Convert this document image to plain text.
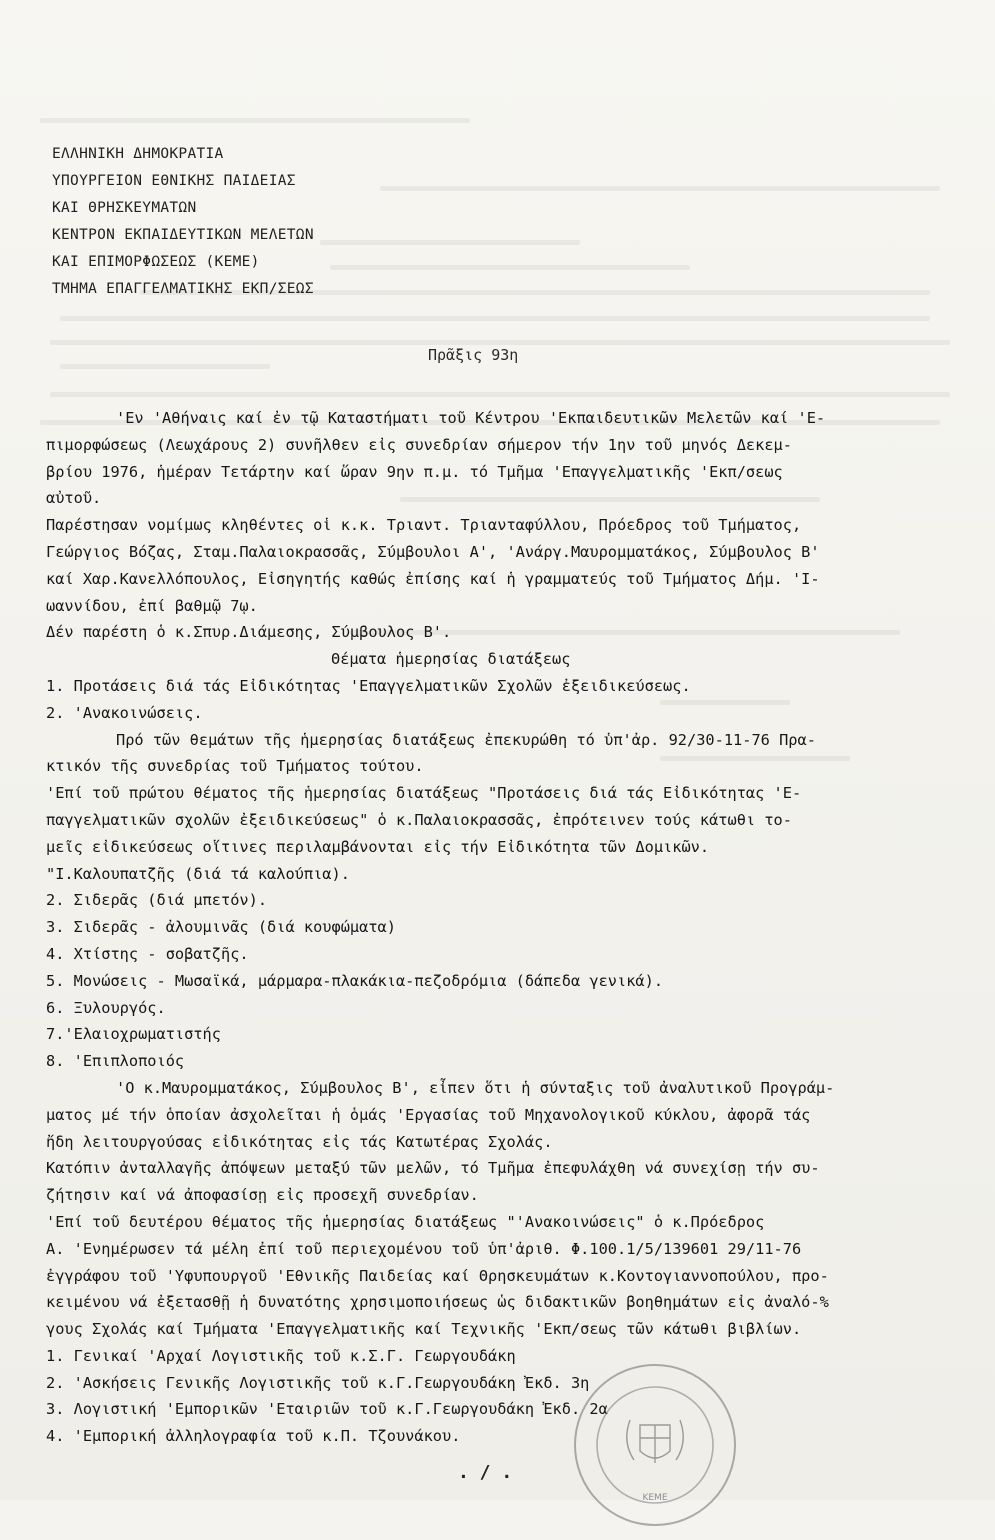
ΕΛΛΗΝΙΚΗ ΔΗΜΟΚΡΑΤΙΑ
ΥΠΟΥΡΓΕΙΟΝ ΕΘΝΙΚΗΣ ΠΑΙΔΕΙΑΣ
ΚΑΙ ΘΡΗΣΚΕΥΜΑΤΩΝ
ΚΕΝΤΡΟΝ ΕΚΠΑΙΔΕΥΤΙΚΩΝ ΜΕΛΕΤΩΝ
ΚΑΙ ΕΠΙΜΟΡΦΩΣΕΩΣ (ΚΕΜΕ)
ΤΜΗΜΑ ΕΠΑΓΓΕΛΜΑΤΙΚΗΣ ΕΚΠ/ΣΕΩΣ
Πρᾶξις 93η
'Εν 'Αθήναις καί ἐν τῷ Καταστήματι τοῦ Κέντρου 'Εκπαιδευτικῶν Μελετῶν καί 'Ε-
πιμορφώσεως (Λεωχάρους 2) συνῆλθεν εἰς συνεδρίαν σήμερον τήν 1ην τοῦ μηνός Δεκεμ-
βρίου 1976, ἡμέραν Τετάρτην καί ὥραν 9ην π.μ. τό Τμῆμα 'Επαγγελματικῆς 'Εκπ/σεως
αὐτοῦ.
Παρέστησαν νομίμως κληθέντες οἱ κ.κ. Τριαντ. Τριανταφύλλου, Πρόεδρος τοῦ Τμήματος,
Γεώργιος Βόζας, Σταμ.Παλαιοκρασσᾶς, Σύμβουλοι Α', 'Ανάργ.Μαυρομματάκος, Σύμβουλος Β'
καί Χαρ.Κανελλόπουλος, Εἰσηγητής καθώς ἐπίσης καί ἡ γραμματεύς τοῦ Τμήματος Δήμ. 'Ι-
ωαννίδου, ἐπί βαθμῷ 7ῳ.
Δέν παρέστη ὁ κ.Σπυρ.Διάμεσης, Σύμβουλος Β'.
Θέματα ἡμερησίας διατάξεως
1. Προτάσεις διά τάς Εἰδικότητας 'Επαγγελματικῶν Σχολῶν ἐξειδικεύσεως.
2. 'Ανακοινώσεις.
Πρό τῶν θεμάτων τῆς ἡμερησίας διατάξεως ἐπεκυρώθη τό ὑπ'ἀρ. 92/30-11-76 Πρα-
κτικόν τῆς συνεδρίας τοῦ Τμήματος τούτου.
'Επί τοῦ πρώτου θέματος τῆς ἡμερησίας διατάξεως "Προτάσεις διά τάς Εἰδικότητας 'Ε-
παγγελματικῶν σχολῶν ἐξειδικεύσεως" ὁ κ.Παλαιοκρασσᾶς, ἐπρότεινεν τούς κάτωθι το-
μεῖς εἰδικεύσεως οἵτινες περιλαμβάνονται εἰς τήν Εἰδικότητα τῶν Δομικῶν.
"Ι.Καλουπατζῆς (διά τά καλούπια).
2. Σιδερᾶς (διά μπετόν).
3. Σιδερᾶς - ἀλουμινᾶς (διά κουφώματα)
4. Χτίστης - σοβατζῆς.
5. Μονώσεις - Μωσαϊκά, μάρμαρα-πλακάκια-πεζοδρόμια (δάπεδα γενικά).
6. Ξυλουργός.
7.'Ελαιοχρωματιστής
8. 'Επιπλοποιός
'Ο κ.Μαυρομματάκος, Σύμβουλος Β', εἶπεν ὅτι ἡ σύνταξις τοῦ ἀναλυτικοῦ Προγράμ-
ματος μέ τήν ὁποίαν ἀσχολεῖται ἡ ὁμάς 'Εργασίας τοῦ Μηχανολογικοῦ κύκλου, ἀφορᾶ τάς
ἤδη λειτουργούσας εἰδικότητας εἰς τάς Κατωτέρας Σχολάς.
Κατόπιν ἀνταλλαγῆς ἀπόψεων μεταξύ τῶν μελῶν, τό Τμῆμα ἐπεφυλάχθη νά συνεχίσῃ τήν συ-
ζήτησιν καί νά ἀποφασίσῃ εἰς προσεχῆ συνεδρίαν.
'Επί τοῦ δευτέρου θέματος τῆς ἡμερησίας διατάξεως "'Ανακοινώσεις" ὁ κ.Πρόεδρος
Α. 'Ενημέρωσεν τά μέλη ἐπί τοῦ περιεχομένου τοῦ ὑπ'ἀριθ. Φ.100.1/5/139601 29/11-76
ἐγγράφου τοῦ 'Υφυπουργοῦ 'Εθνικῆς Παιδείας καί Θρησκευμάτων κ.Κοντογιαννοπούλου, προ-
κειμένου νά ἐξετασθῇ ἡ δυνατότης χρησιμοποιήσεως ὡς διδακτικῶν βοηθημάτων εἰς ἀναλό-%
γους Σχολάς καί Τμήματα 'Επαγγελματικῆς καί Τεχνικῆς 'Εκπ/σεως τῶν κάτωθι βιβλίων.
1. Γενικαί 'Αρχαί Λογιστικῆς τοῦ κ.Σ.Γ. Γεωργουδάκη
2. 'Ασκήσεις Γενικῆς Λογιστικῆς τοῦ κ.Γ.Γεωργουδάκη Ἐκδ. 3η
3. Λογιστική 'Εμπορικῶν 'Εταιριῶν τοῦ κ.Γ.Γεωργουδάκη Ἐκδ. 2α
4. 'Εμπορική ἀλληλογραφία τοῦ κ.Π. Τζουνάκου.
ΚΕΜΕ
. / .
